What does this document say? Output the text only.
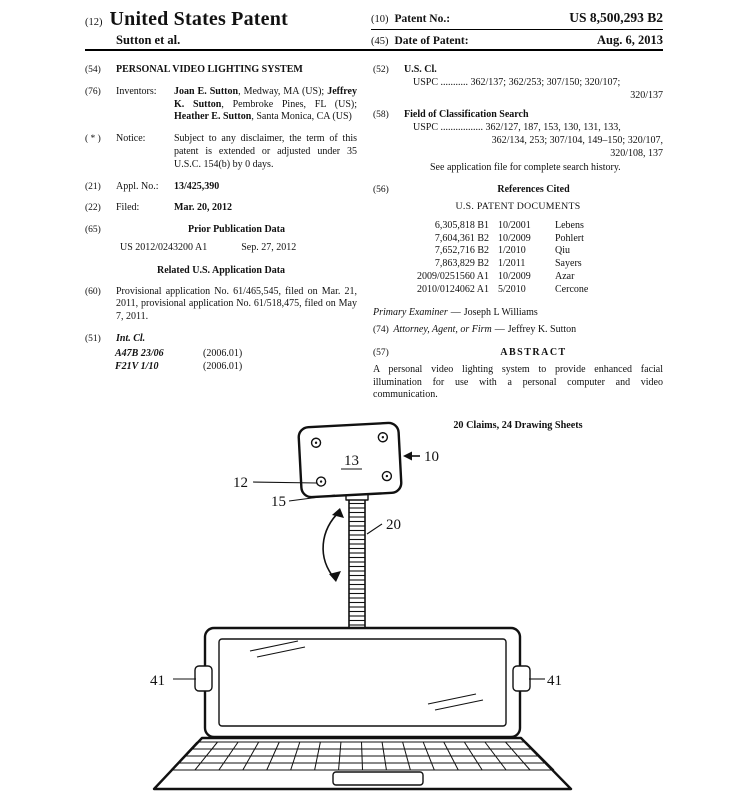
(12) United States Patent
Sutton et al.
(10) Patent No.:	US 8,500,293 B2
(45) Date of Patent:	Aug. 6, 2013
(54)	PERSONAL VIDEO LIGHTING SYSTEM
(76)	Inventors:	Joan E. Sutton, Medway, MA (US); Jeffrey K. Sutton, Pembroke Pines, FL (US); Heather E. Sutton, Santa Monica, CA (US)
( * )	Notice:	Subject to any disclaimer, the term of this patent is extended or adjusted under 35 U.S.C. 154(b) by 0 days.
(21)	Appl. No.:	13/425,390
(22)	Filed:	Mar. 20, 2012
(65)	Prior Publication Data
US 2012/0243200 A1	Sep. 27, 2012
Related U.S. Application Data
(60)	Provisional application No. 61/465,545, filed on Mar. 21, 2011, provisional application No. 61/518,475, filed on May 7, 2011.
(51)	Int. Cl.
A47B 23/06	(2006.01)
F21V 1/10	(2006.01)
(52)	U.S. Cl.
USPC ........... 362/137; 362/253; 307/150; 320/107;
320/137
(58)	Field of Classification Search
USPC ................. 362/127, 187, 153, 130, 131, 133,
362/134, 253; 307/104, 149–150; 320/107,
320/108, 137
See application file for complete search history.
(56)	References Cited
U.S. PATENT DOCUMENTS
6,305,818 B1 10/2001	Lebens
7,604,361 B2 10/2009	Pohlert
7,652,716 B2 1/2010	Qiu
7,863,829 B2 1/2011	Sayers
2009/0251560 A1 10/2009	Azar
2010/0124062 A1 5/2010	Cercone
Primary Examiner — Joseph L Williams
(74) Attorney, Agent, or Firm — Jeffrey K. Sutton
(57)	ABSTRACT
A personal video lighting system to provide enhanced facial illumination for use with a personal computer and video communication.
20 Claims, 24 Drawing Sheets
13	10
12
15
20
41	41
